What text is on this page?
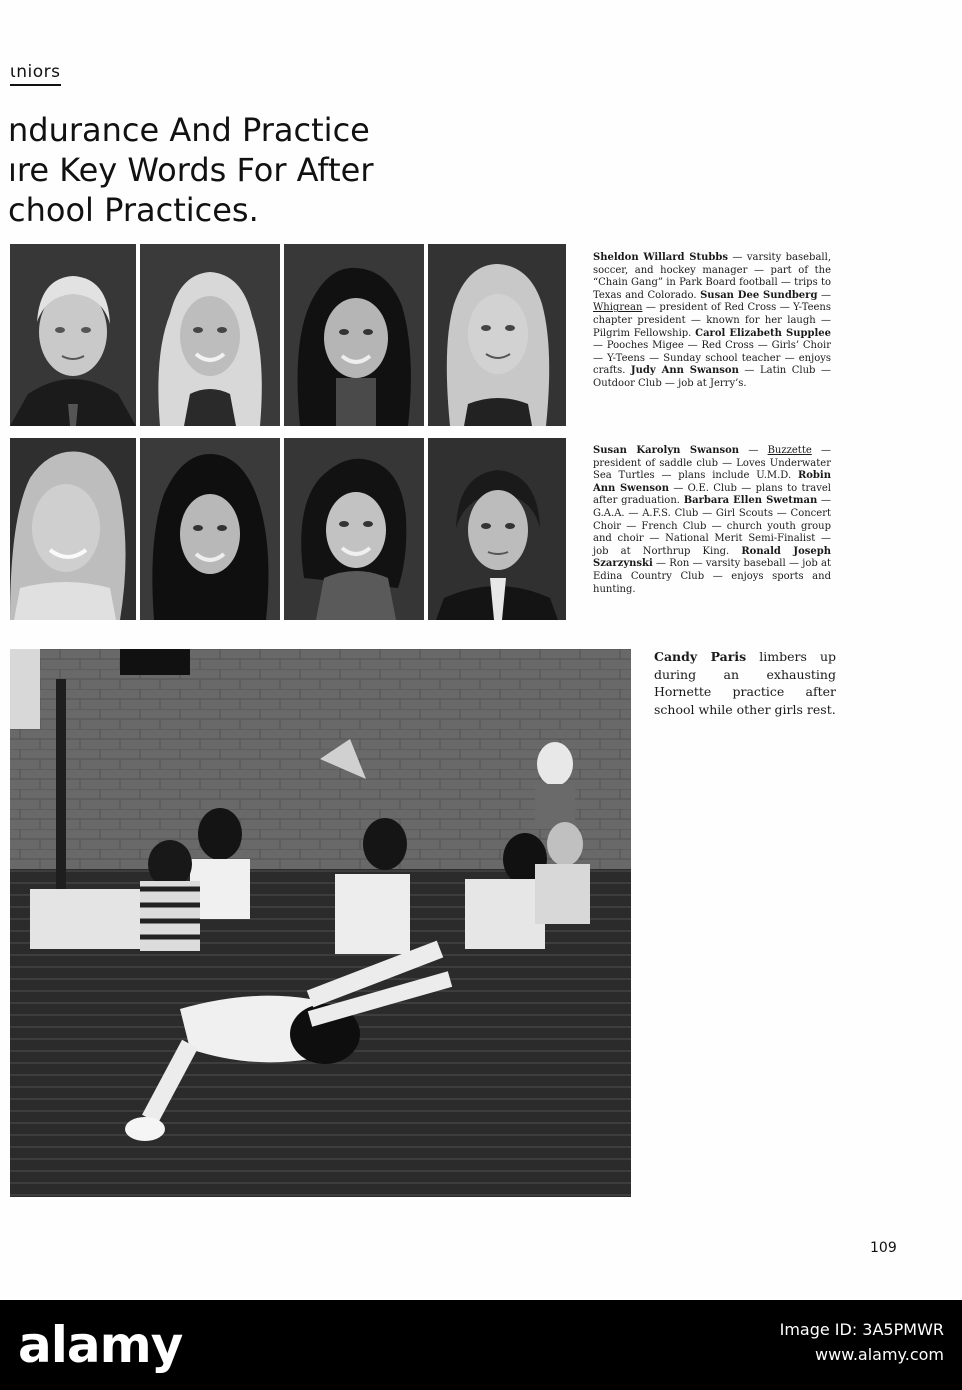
ɩniors
ndurance And Practice
ıre Key Words For After
chool Practices.
Sheldon Willard Stubbs — varsity baseball, soccer, and hockey manager — part of the “Chain Gang” in Park Board football — trips to Texas and Colorado. Susan Dee Sundberg — Whigrean — president of Red Cross — Y-Teens chapter president — known for her laugh — Pilgrim Fellowship. Carol Elizabeth Supplee — Pooches Migee — Red Cross — Girls’ Choir — Y-Teens — Sunday school teacher — enjoys crafts. Judy Ann Swanson — Latin Club — Outdoor Club — job at Jerry’s.
Susan Karolyn Swanson — Buzzette — president of saddle club — Loves Underwater Sea Turtles — plans include U.M.D. Robin Ann Swenson — O.E. Club — plans to travel after graduation. Barbara Ellen Swetman — G.A.A. — A.F.S. Club — Girl Scouts — Concert Choir — French Club — church youth group and choir — National Merit Semi-Finalist — job at Northrup King. Ronald Joseph Szarzynski — Ron — varsity baseball — job at Edina Country Club — enjoys sports and hunting.
Candy Paris limbers up during an exhausting Hornette practice after school while other girls rest.
109
alamy	Image ID: 3A5PMWR
www.alamy.com
